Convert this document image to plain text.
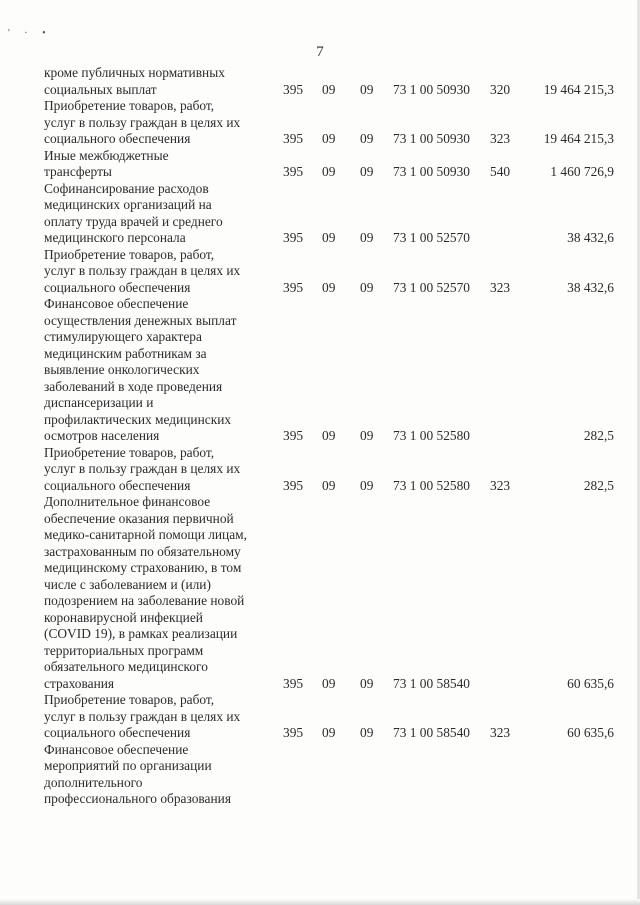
' · •
7
кроме публичных нормативных
социальных выплат	395 09 09 73 1 00 50930 320	19 464 215,3
Приобретение товаров, работ,
услуг в пользу граждан в целях их
социального обеспечения	395 09 09 73 1 00 50930 323	19 464 215,3
Иные межбюджетные
трансферты	395 09 09 73 1 00 50930 540	1 460 726,9
Софинансирование расходов
медицинских организаций на
оплату труда врачей и среднего
медицинского персонала	395 09 09 73 1 00 52570	38 432,6
Приобретение товаров, работ,
услуг в пользу граждан в целях их
социального обеспечения	395 09 09 73 1 00 52570 323	38 432,6
Финансовое обеспечение
осуществления денежных выплат
стимулирующего характера
медицинским работникам за
выявление онкологических
заболеваний в ходе проведения
диспансеризации и
профилактических медицинских
осмотров населения	395 09 09 73 1 00 52580	282,5
Приобретение товаров, работ,
услуг в пользу граждан в целях их
социального обеспечения	395 09 09 73 1 00 52580 323	282,5
Дополнительное финансовое
обеспечение оказания первичной
медико-санитарной помощи лицам,
застрахованным по обязательному
медицинскому страхованию, в том
числе с заболеванием и (или)
подозрением на заболевание новой
коронавирусной инфекцией
(COVID 19), в рамках реализации
территориальных программ
обязательного медицинского
страхования	395 09 09 73 1 00 58540	60 635,6
Приобретение товаров, работ,
услуг в пользу граждан в целях их
социального обеспечения	395 09 09 73 1 00 58540 323	60 635,6
Финансовое обеспечение
мероприятий по организации
дополнительного
профессионального образования
